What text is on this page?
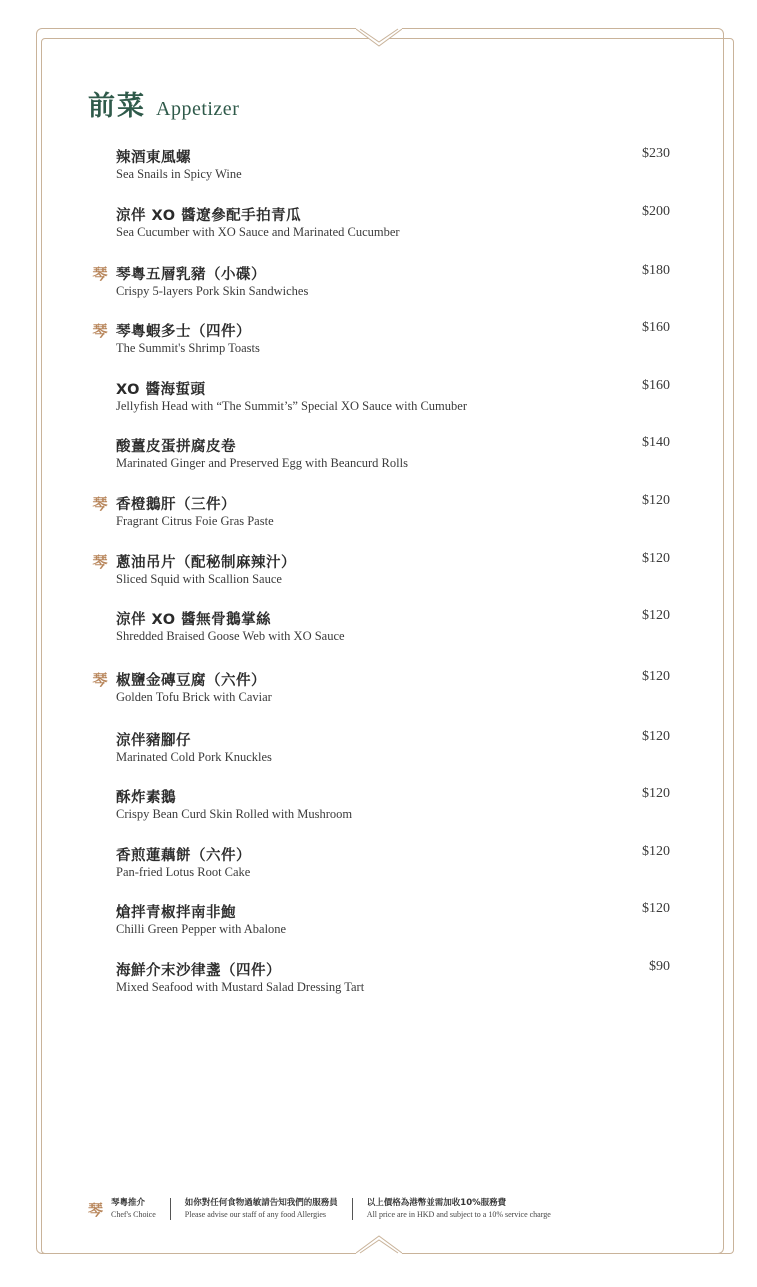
前菜 Appetizer
辣酒東風螺
Sea Snails in Spicy Wine
$230
涼伴 XO 醬遼參配手拍青瓜
Sea Cucumber with XO Sauce and Marinated Cucumber
$200
琴 琴粵五層乳豬（小碟）
Crispy 5-layers Pork Skin Sandwiches
$180
琴 琴粵蝦多士（四件）
The Summit's Shrimp Toasts
$160
XO 醬海蜇頭
Jellyfish Head with “The Summit’s” Special XO Sauce with Cumuber
$160
酸薑皮蛋拼腐皮卷
Marinated Ginger and Preserved Egg with Beancurd Rolls
$140
琴 香橙鵝肝（三件）
Fragrant Citrus Foie Gras Paste
$120
琴 蔥油吊片（配秘制麻辣汁）
Sliced Squid with Scallion Sauce
$120
涼伴 XO 醬無骨鵝掌絲
Shredded Braised Goose Web with XO Sauce
$120
琴 椒鹽金磚豆腐（六件）
Golden Tofu Brick with Caviar
$120
涼伴豬腳仔
Marinated Cold Pork Knuckles
$120
酥炸素鵝
Crispy Bean Curd Skin Rolled with Mushroom
$120
香煎蓮藕餅（六件）
Pan-fried Lotus Root Cake
$120
熗拌青椒拌南非鮑
Chilli Green Pepper with Abalone
$120
海鮮介末沙律盞（四件）
Mixed Seafood with Mustard Salad Dressing Tart
$90
琴 琴粵推介
Chef's Choice
如你對任何食物過敏請告知我們的服務員
Please advise our staff of any food Allergies
以上價格為港幣並需加收10%服務費
All price are in HKD and subject to a 10% service charge
